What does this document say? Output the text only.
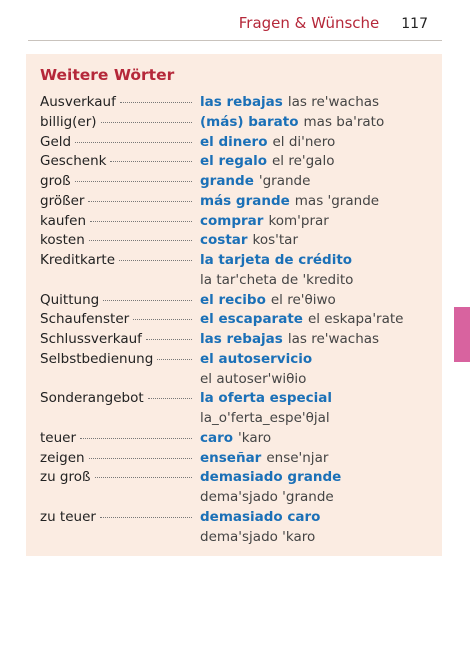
Fragen & Wünsche 117
Weitere Wörter
Ausverkauf	las rebajas las re'wachas
billig(er)	(más) barato mas ba'rato
Geld	el dinero el di'nero
Geschenk	el regalo el re'galo
groß	grande 'grande
größer	más grande mas 'grande
kaufen	comprar kom'prar
kosten	costar kos'tar
Kreditkarte	la tarjeta de crédito
la tar'cheta de 'kredito
Quittung	el recibo el re'θiwo
Schaufenster	el escaparate el eskapa'rate
Schlussverkauf	las rebajas las re'wachas
Selbstbedienung	el autoservicio
el autoser'wiθio
Sonderangebot	la oferta especial
la_o'ferta_espe'θjal
teuer	caro 'karo
zeigen	enseñar ense'njar
zu groß	demasiado grande
dema'sjado 'grande
zu teuer	demasiado caro
dema'sjado 'karo
